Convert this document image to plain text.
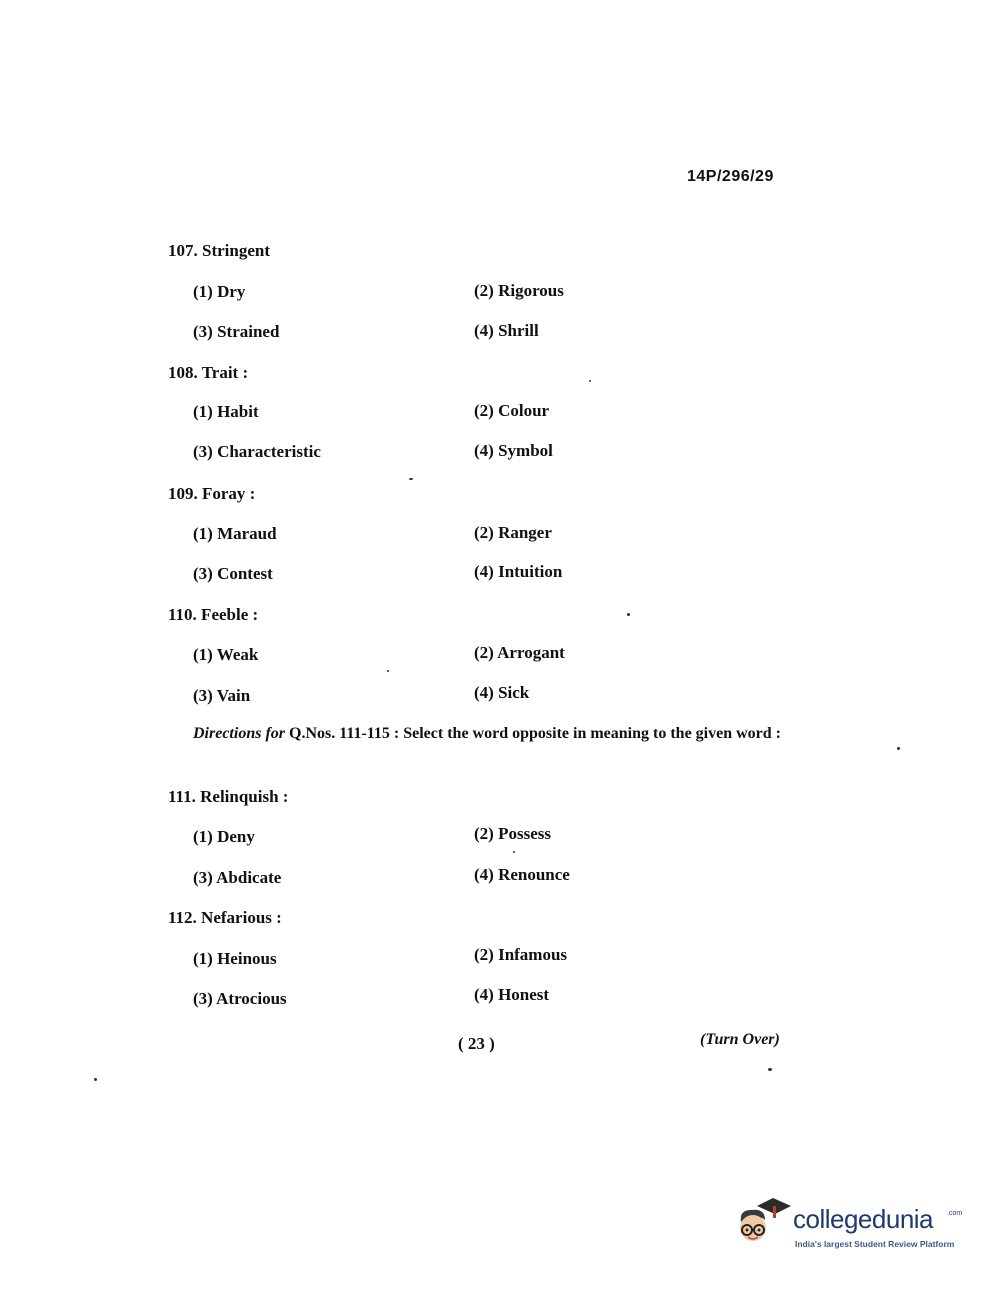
14P/296/29
107. Stringent
(1) Dry	(2) Rigorous
(3) Strained	(4) Shrill
108. Trait :
(1) Habit	(2) Colour
(3) Characteristic	(4) Symbol
109. Foray :
(1) Maraud	(2) Ranger
(3) Contest	(4) Intuition
110. Feeble :
(1) Weak	(2) Arrogant
(3) Vain	(4) Sick
Directions for Q.Nos. 111-115 : Select the word opposite in meaning to the given word :
111. Relinquish :
(1) Deny	(2) Possess
(3) Abdicate	(4) Renounce
112. Nefarious :
(1) Heinous	(2) Infamous
(3) Atrocious	(4) Honest
( 23 )	(Turn Over)
collegedunia .com
India's largest Student Review Platform
